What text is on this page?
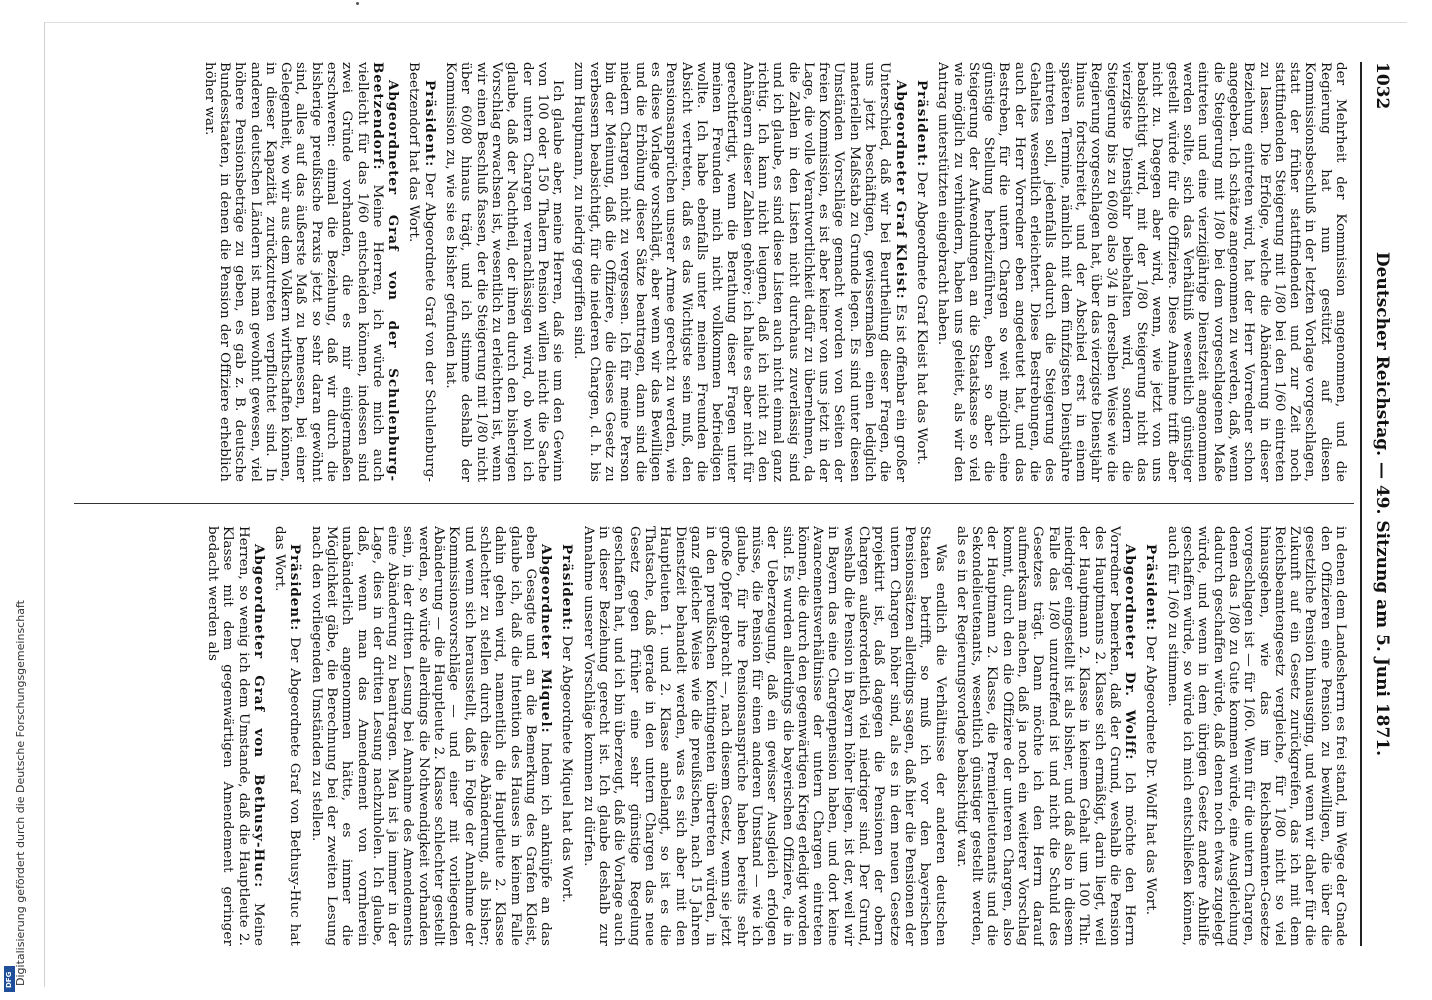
DFG Digitalisierung gefördert durch die Deutsche Forschungsgemeinschaft
Deutscher Reichstag. — 49. Sitzung am 5. Juni 1871.
1032

der Mehrheit der Kommission angenommen, und die Regierung hat nun gestützt auf diesen Kommissionsbeschluß in der letzten Vorlage vorgeschlagen, statt der früher stattfindenden und zur Zeit noch stattfindenden Steigerung mit 1/80 bei den 1/60 eintreten zu lassen. Die Erfolge, welche die Abänderung in dieser Beziehung eintreten wird, hat der Herr Vorredner schon angegeben. Ich schätze angenommen zu werden, daß, wenn die Steigerung mit 1/80 bei dem vorgeschlagenen Maße eintreten und eine vierzigjährige Dienstzeit angenommen werden sollte, sich das Verhältniß wesentlich günstiger gestellt würde für die Offiziere. Diese Annahme trifft aber nicht zu. Dagegen aber wird, wenn, wie jetzt von uns beabsichtigt wird, mit der 1/80 Steigerung nicht das vierzigste Dienstjahr beibehalten wird, sondern die Steigerung bis zu 60/80 also 3/4 in derselben Weise wie die Regierung vorgeschlagen hat, über das vierzigste Dienstjahr hinaus fortschreitet, und der Abschied erst in einem späteren Termine, nämlich mit dem fünfzigsten Dienstjahre eintreten soll, jedenfalls dadurch die Steigerung des Gehaltes wesentlich erleichtert. Diese Bestrebungen, die auch der Herr Vorredner eben angedeutet hat, und das Bestreben, für die untern Chargen so weit möglich eine günstige Stellung herbeizuführen, eben so aber die Steigerung der Aufwendungen an die Staatskasse so viel wie möglich zu verhindern, haben uns geleitet, als wir den Antrag unterstützten eingebracht haben.

Präsident: Der Abgeordnete Graf Kleist hat das Wort.

Abgeordneter Graf Kleist: Es ist offenbar ein großer Unterschied, daß wir bei Beurtheilung dieser Fragen, die uns jetzt beschäftigen, gewissermaßen einen lediglich materiellen Maßstab zu Grunde legen. Es sind unter diesen Umständen Vorschläge gemacht worden von Seiten der freien Kommission, es ist aber keiner von uns jetzt in der Lage, die volle Verantwortlichkeit dafür zu übernehmen, da die Zahlen in den Listen nicht durchaus zuverlässig sind und ich glaube, es sind diese Listen auch nicht einmal ganz richtig. Ich kann nicht leugnen, daß ich nicht zu den Anhängern dieser Zahlen gehöre; ich halte es aber nicht für gerechtfertigt, wenn die Berathung dieser Fragen unter meinen Freunden mich nicht vollkommen befriedigen wollte. Ich habe ebenfalls unter meinen Freunden die Absicht vertreten, daß es das Wichtigste sein muß, den Pensionsansprüchen unserer Armee gerecht zu werden, wie es diese Vorlage vorschlägt, aber wenn wir das Bewilligen und die Erhöhung dieser Sätze beantragen, dann sind die niedern Chargen nicht zu vergessen. Ich für meine Person bin der Meinung, daß die Offiziere, die dieses Gesetz zu verbessern beabsichtigt, für die niederen Chargen, d. h. bis zum Hauptmann, zu niedrig gegriffen sind.

Ich glaube aber, meine Herren, daß sie um den Gewinn von 100 oder 150 Thalern Pension willen nicht die Sache der untern Chargen vernachlässigen wird, ob wohl ich glaube, daß der Nachtheil, der ihnen durch den bisherigen Vorschlag erwachsen ist, wesentlich zu erleichtern ist, wenn wir einen Beschluß fassen, der die Steigerung mit 1/80 nicht über 60/80 hinaus trägt, und ich stimme deshalb der Kommission zu, wie sie es bisher gefunden hat.

Präsident: Der Abgeordnete Graf von der Schulenburg-Beetzendorf hat das Wort.

Abgeordneter Graf von der Schulenburg-Beetzendorf: Meine Herren, ich würde mich auch vielleicht für das 1/60 entscheiden können, indessen sind zwei Gründe vorhanden, die es mir einigermaßen erschweren: einmal die Beziehung, daß wir durch die bisherige preußische Praxis jetzt so sehr daran gewöhnt sind, alles auf das äußerste Maß zu bemessen, bei einer Gelegenheit, wo wir aus dem Volkern wirthschaften können, in dieser Kapazität zurückzutreten verpflichtet sind. In anderen deutschen Ländern ist man gewohnt gewesen, viel höhere Pensionsbeträge zu geben, es gab z. B. deutsche Bundesstaaten, in denen die Pension der Offiziere erheblich höher war.

in denen dem Landesherrn es frei stand, im Wege der Gnade den Offizieren eine Pension zu bewilligen, die über die gesetzliche Pension hinausging, und wenn wir daher für die Zukunft auf ein Gesetz zurückgreifen, das ich mit dem Reichsbeamtengesetz vergleiche, für 1/80 nicht so viel hinausgehen, wie das im Reichsbeamten-Gesetze vorgeschlagen ist — für 1/60. Wenn für die untern Chargen, denen das 1/80 zu Gute kommen würde, eine Ausgleichung dadurch geschaffen würde, daß denen noch etwas zugelegt würde, und wenn in dem übrigen Gesetz andere Abhilfe geschaffen würde, so würde ich mich entschließen können, auch für 1/60 zu stimmen.

Präsident: Der Abgeordnete Dr. Wolff hat das Wort.

Abgeordneter Dr. Wolff: Ich möchte den Herrn Vorredner bemerken, daß der Grund, weshalb die Pension des Hauptmanns 2. Klasse sich ermäßigt, darin liegt, weil der Hauptmann 2. Klasse in keinem Gehalt um 100 Thlr. niedriger eingestellt ist als bisher, und daß also in diesem Falle das 1/80 unzutreffend ist und nicht die Schuld des Gesetzes trägt. Dann möchte ich den Herrn darauf aufmerksam machen, daß ja noch ein weiterer Vorschlag kommt, durch den die Offiziere der unteren Chargen, also der Hauptmann 2. Klasse, die Premierlieutenants und die Sekondelieutenants, wesentlich günstiger gestellt werden, als es in der Regierungsvorlage beabsichtigt war.

Was endlich die Verhältnisse der anderen deutschen Staaten betrifft, so muß ich vor den bayerischen Pensionssätzen allerdings sagen, daß hier die Pensionen der untern Chargen höher sind, als es in dem neuen Gesetze projektirt ist, daß dagegen die Pensionen der obern Chargen außerordentlich viel niedriger sind. Der Grund, weshalb die Pension in Bayern höher liegen, ist der, weil wir in Bayern das eine Chargenpension haben, und dort keine Avancementsverhältnisse der untern Chargen eintreten können, die durch den gegenwärtigen Krieg erledigt worden sind. Es wurden allerdings die bayerischen Offiziere, die in der Ueberzeugung, daß ein gewisser Ausgleich erfolgen müsse, die Pension für einen anderen Umstand — wie ich glaube, für ihre Pensionsansprüche haben bereits sehr große Opfer gebracht —, nach diesem Gesetz, wenn sie jetzt in den preußischen Kontingenten übertreten würden, in ganz gleicher Weise wie die preußischen, nach 15 Jahren Dienstzeit behandelt werden, was es sich aber mit den Hauptleuten 1. und 2. Klasse anbelangt, so ist es die Thatsache, daß gerade in den untern Chargen das neue Gesetz gegen früher eine sehr günstige Regelung geschaffen hat, und ich bin überzeugt, daß die Vorlage auch in dieser Beziehung gerecht ist. Ich glaube deshalb zur Annahme unserer Vorschläge kommen zu dürfen.

Präsident: Der Abgeordnete Miquel hat das Wort.

Abgeordneter Miquel: Indem ich anknüpfe an das eben Gesagte und an die Bemerkung des Grafen Kleist, glaube ich, daß die Intention des Hauses in keinem Falle dahin gehen wird, namentlich die Hauptleute 2. Klasse schlechter zu stellen durch diese Abänderung, als bisher; und wenn sich herausstellt, daß in Folge der Annahme der Kommissionsvorschläge — und einer mit vorliegenden Abänderung — die Hauptleute 2. Klasse schlechter gestellt werden, so würde allerdings die Nothwendigkeit vorhanden sein, in der dritten Lesung bei Annahme des Amendements eine Abänderung zu beantragen. Man ist ja immer in der Lage, dies in der dritten Lesung nachzuholen. Ich glaube, daß, wenn man das Amendement von vornherein unabänderlich angenommen hätte, es immer die Möglichkeit gäbe, die Berechnung bei der zweiten Lesung nach den vorliegenden Umständen zu stellen.

Präsident: Der Abgeordnete Graf von Bethusy-Huc hat das Wort.

Abgeordneter Graf von Bethusy-Huc: Meine Herren, so wenig ich dem Umstande, daß die Hauptleute 2. Klasse mit dem gegenwärtigen Amendement geringer bedacht werden als
